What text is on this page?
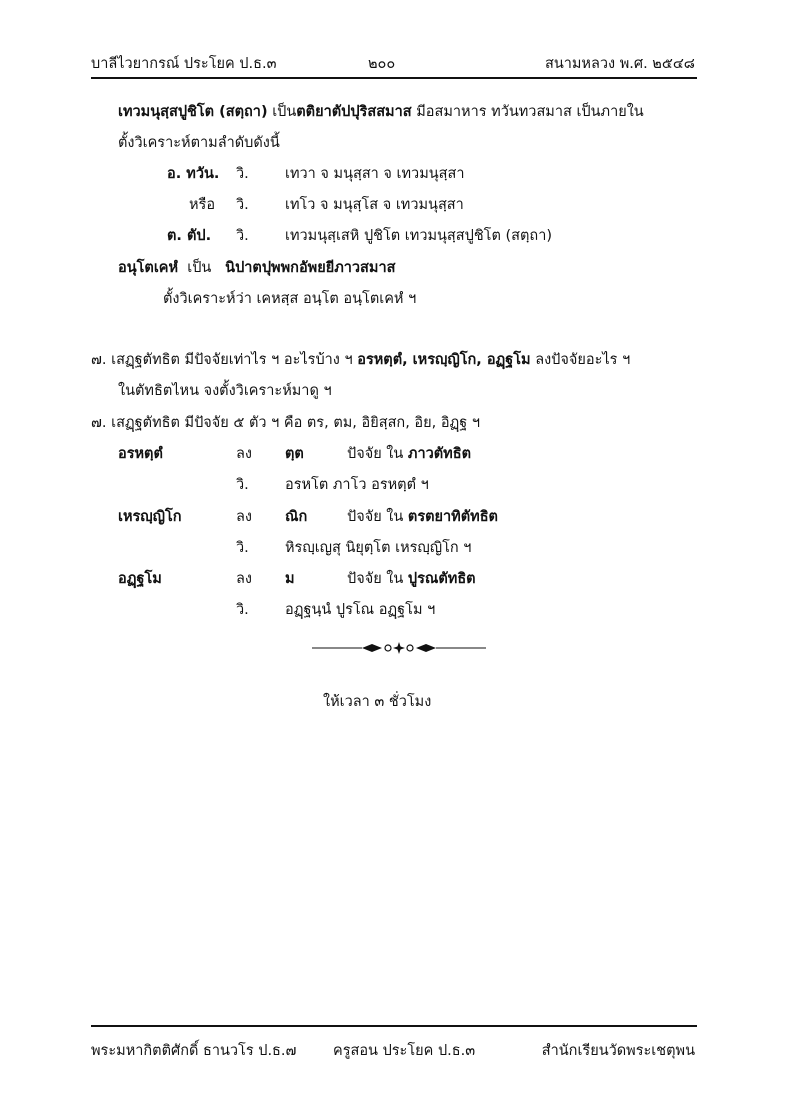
บาลีไวยากรณ์ ประโยค ป.ธ.๓	๒๐๐	สนามหลวง พ.ศ. ๒๕๔๘
เทวมนุสฺสปูชิโต (สตฺถา) เป็นตติยาตัปปุริสสมาส มีอสมาหาร ทวันทวสมาส เป็นภายใน
ตั้งวิเคราะห์ตามลำดับดังนี้
อ. ทวัน. วิ. เทวา จ มนุสฺสา จ เทวมนุสฺสา
หรือ วิ. เทโว จ มนุสฺโส จ เทวมนุสฺสา
ต. ตัป. วิ. เทวมนุสฺเสหิ ปูชิโต เทวมนุสฺสปูชิโต (สตฺถา)
อนุโตเคหํ เป็น นิปาตปุพพกอัพยยีภาวสมาส
ตั้งวิเคราะห์ว่า เคหสฺส อนฺโต อนฺโตเคหํ ฯ
๗. เสฏฺฐตัทธิต มีปัจจัยเท่าไร ฯ อะไรบ้าง ฯ อรหตฺตํ, เหรญฺญิโก, อฏฺฐโม ลงปัจจัยอะไร ฯ
ในตัทธิตไหน จงตั้งวิเคราะห์มาดู ฯ
๗. เสฏฺฐตัทธิต มีปัจจัย ๕ ตัว ฯ คือ ตร, ตม, อิยิสฺสก, อิย, อิฏฺฐ ฯ
อรหตฺตํ	ลง ตฺต	ปัจจัย ใน ภาวตัทธิต
วิ. อรหโต ภาโว อรหตฺตํ ฯ
เหรญฺญิโก	ลง ณิก	ปัจจัย ใน ตรตยาทิตัทธิต
วิ. หิรญฺเญสุ นิยุตฺโต เหรญฺญิโก ฯ
อฏฺฐโม	ลง ม	ปัจจัย ใน ปูรณตัทธิต
วิ. อฏฺฐนฺนํ ปูรโณ อฏฺฐโม ฯ
ให้เวลา ๓ ชั่วโมง
พระมหากิตติศักดิ์ ธานวโร ป.ธ.๗	ครูสอน ประโยค ป.ธ.๓	สำนักเรียนวัดพระเชตุพน
